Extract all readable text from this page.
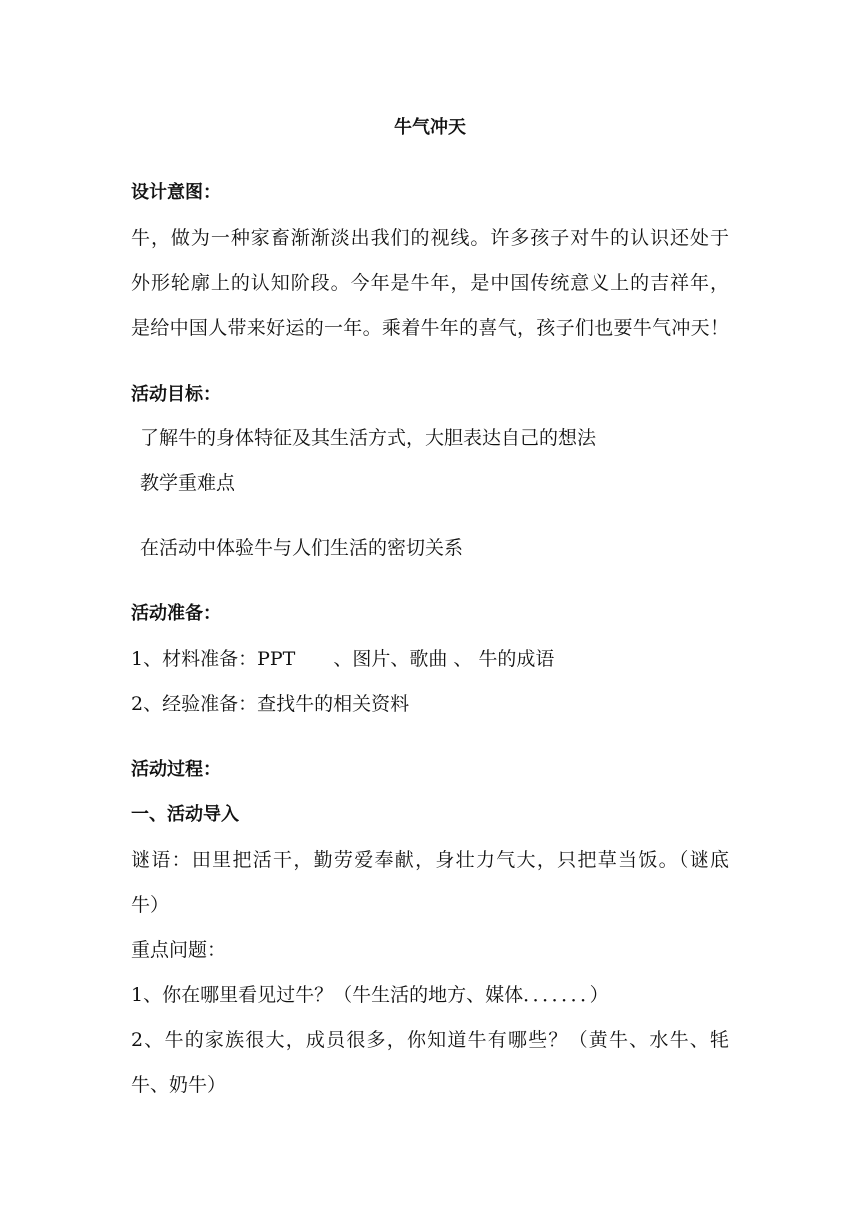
牛气冲天
设计意图：
牛，做为一种家畜渐渐淡出我们的视线。许多孩子对牛的认识还处于
外形轮廓上的认知阶段。今年是牛年，是中国传统意义上的吉祥年，
是给中国人带来好运的一年。乘着牛年的喜气，孩子们也要牛气冲天！
活动目标：
了解牛的身体特征及其生活方式，大胆表达自己的想法
教学重难点
在活动中体验牛与人们生活的密切关系
活动准备：
1、材料准备：PPT　　、图片、歌曲 、 牛的成语
2、经验准备：查找牛的相关资料
活动过程：
一、活动导入
谜语：田里把活干，勤劳爱奉献，身壮力气大，只把草当饭。（谜底
牛）
重点问题：
1、你在哪里看见过牛？（牛生活的地方、媒体．．．．．．．）
2、牛的家族很大，成员很多，你知道牛有哪些？（黄牛、水牛、牦
牛、奶牛）
